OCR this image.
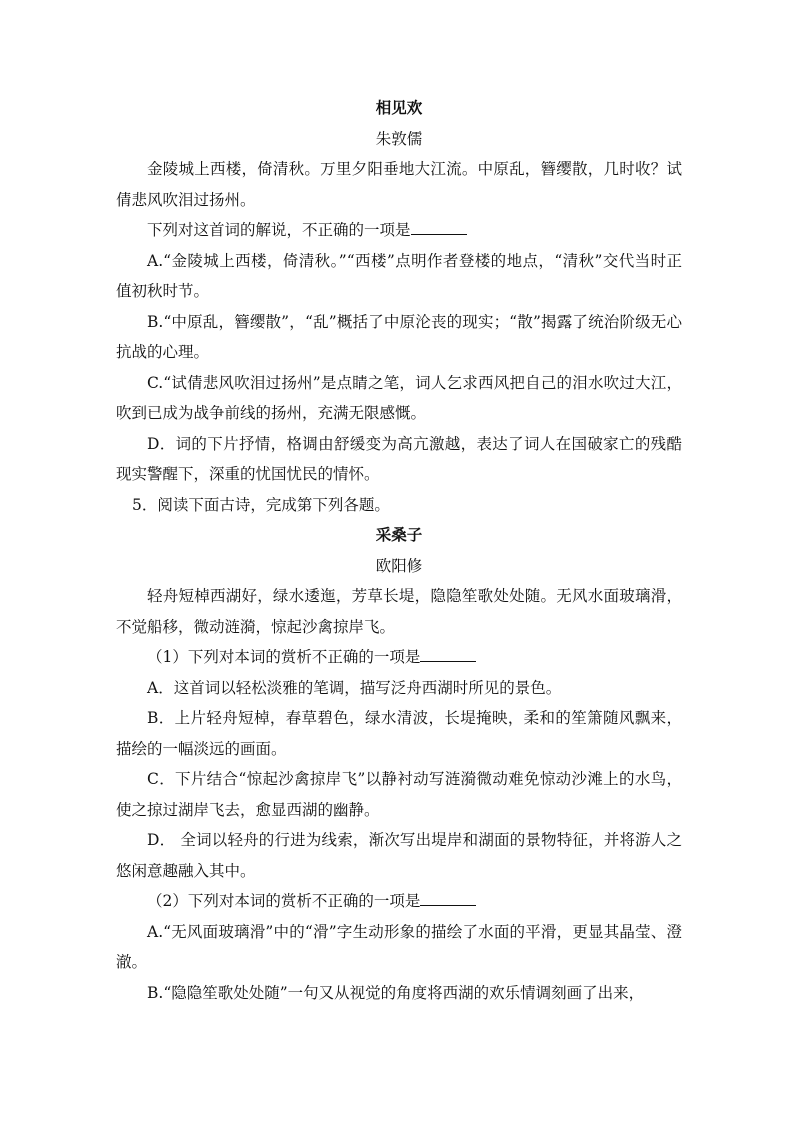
相见欢
朱敦儒

金陵城上西楼，倚清秋。万里夕阳垂地大江流。中原乱，簪缨散，几时收？试倩悲风吹泪过扬州。

下列对这首词的解说，不正确的一项是

A.“金陵城上西楼，倚清秋。”“西楼”点明作者登楼的地点，“清秋”交代当时正值初秋时节。

B.“中原乱，簪缨散”，“乱”概括了中原沦丧的现实；“散”揭露了统治阶级无心抗战的心理。

C.“试倩悲风吹泪过扬州”是点睛之笔，词人乞求西风把自己的泪水吹过大江，吹到已成为战争前线的扬州，充满无限感慨。

D．词的下片抒情，格调由舒缓变为高亢激越，表达了词人在国破家亡的残酷现实警醒下，深重的忧国忧民的情怀。

5．阅读下面古诗，完成第下列各题。

采桑子
欧阳修

轻舟短棹西湖好，绿水逶迤，芳草长堤，隐隐笙歌处处随。无风水面玻璃滑，不觉船移，微动涟漪，惊起沙禽掠岸飞。

（1）下列对本词的赏析不正确的一项是

A．这首词以轻松淡雅的笔调，描写泛舟西湖时所见的景色。

B．上片轻舟短棹，春草碧色，绿水清波，长堤掩映，柔和的笙箫随风飘来，描绘的一幅淡远的画面。

C．下片结合“惊起沙禽掠岸飞”以静衬动写涟漪微动难免惊动沙滩上的水鸟，使之掠过湖岸飞去，愈显西湖的幽静。

D． 全词以轻舟的行进为线索，渐次写出堤岸和湖面的景物特征，并将游人之悠闲意趣融入其中。

（2）下列对本词的赏析不正确的一项是

A.“无风面玻璃滑”中的“滑”字生动形象的描绘了水面的平滑，更显其晶莹、澄澈。

B.“隐隐笙歌处处随”一句又从视觉的角度将西湖的欢乐情调刻画了出来，
